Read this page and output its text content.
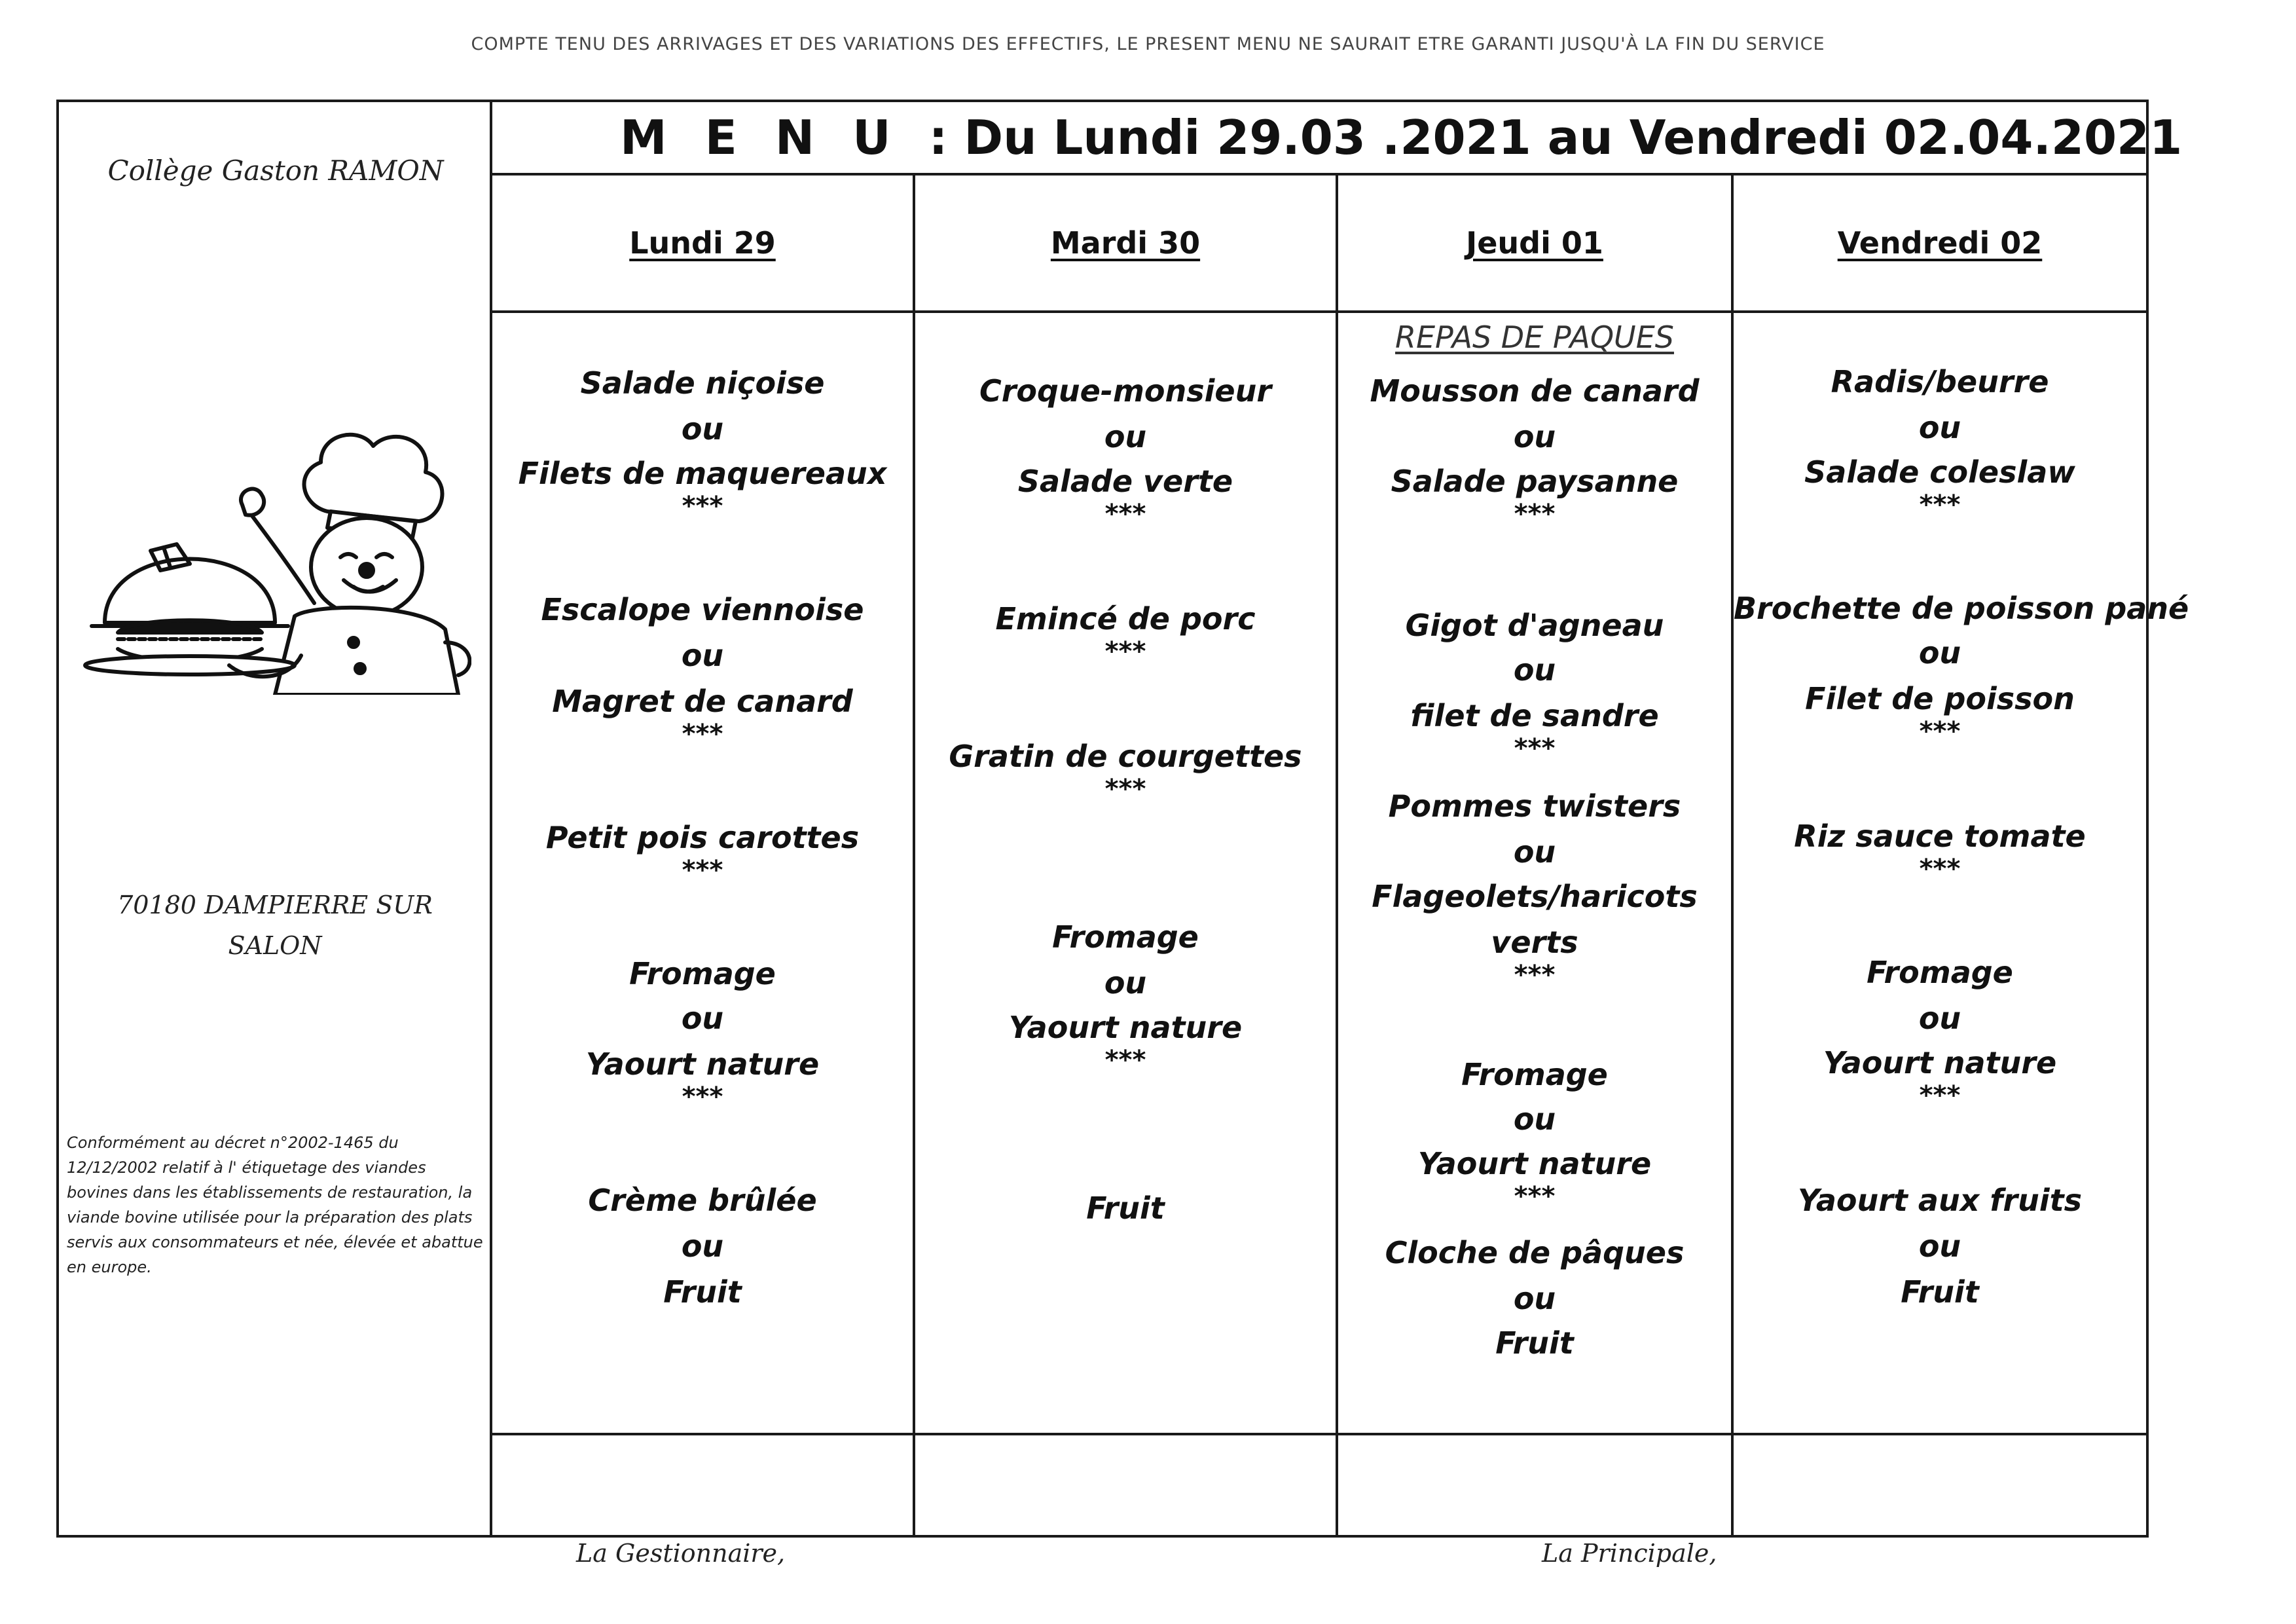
COMPTE TENU DES ARRIVAGES ET DES VARIATIONS DES EFFECTIFS, LE PRESENT MENU NE SAURAIT ETRE GARANTI JUSQU'À LA FIN DU SERVICE
Collège Gaston RAMON
70180 DAMPIERRE SUR
SALON
Conformément au décret n°2002-1465 du 12/12/2002 relatif à l' étiquetage des viandes bovines dans les établissements de restauration, la viande bovine utilisée pour la préparation des plats servis aux consommateurs et née, élevée et abattue en europe.
MENU : Du Lundi 29.03 .2021 au Vendredi 02.04.2021
Lundi 29
Salade niçoise
ou
Filets de maquereaux
***
Escalope viennoise
ou
Magret de canard
***
Petit pois carottes
***
Fromage
ou
Yaourt nature
***
Crème brûlée
ou
Fruit
Mardi 30
Croque-monsieur
ou
Salade verte
***
Emincé de porc
***
Gratin de courgettes
***
Fromage
ou
Yaourt nature
***
Fruit
Jeudi 01
REPAS DE PAQUES
Mousson de canard
ou
Salade paysanne
***
Gigot d'agneau
ou
filet de sandre
***
Pommes twisters
ou
Flageolets/haricots
verts
***
Fromage
ou
Yaourt nature
***
Cloche de pâques
ou
Fruit
Vendredi 02
Radis/beurre
ou
Salade coleslaw
***
Brochette de poisson pané
ou
Filet de poisson
***
Riz sauce tomate
***
Fromage
ou
Yaourt nature
***
Yaourt aux fruits
ou
Fruit
La Gestionnaire,	La Principale,
